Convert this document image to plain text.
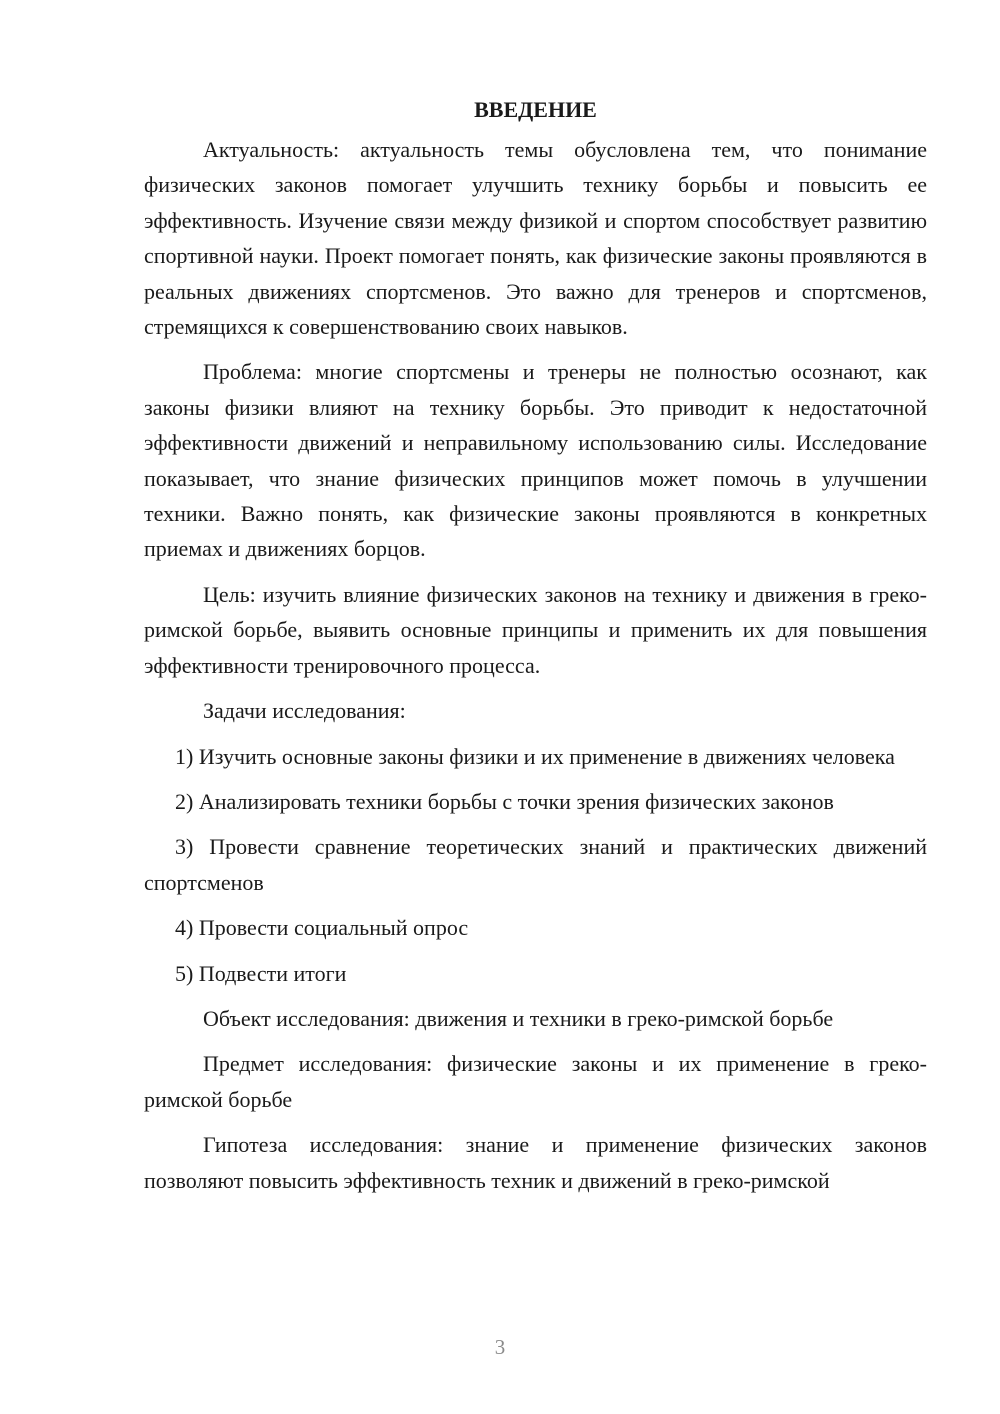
ВВЕДЕНИЕ

Актуальность: актуальность темы обусловлена тем, что понимание физических законов помогает улучшить технику борьбы и повысить ее эффективность. Изучение связи между физикой и спортом способствует развитию спортивной науки. Проект помогает понять, как физические законы проявляются в реальных движениях спортсменов. Это важно для тренеров и спортсменов, стремящихся к совершенствованию своих навыков.

Проблема: многие спортсмены и тренеры не полностью осознают, как законы физики влияют на технику борьбы. Это приводит к недостаточной эффективности движений и неправильному использованию силы. Исследование показывает, что знание физических принципов может помочь в улучшении техники. Важно понять, как физические законы проявляются в конкретных приемах и движениях борцов.

Цель: изучить влияние физических законов на технику и движения в греко-римской борьбе, выявить основные принципы и применить их для повышения эффективности тренировочного процесса.

Задачи исследования:

1) Изучить основные законы физики и их применение в движениях человека

2) Анализировать техники борьбы с точки зрения физических законов

3) Провести сравнение теоретических знаний и практических движений спортсменов

4) Провести социальный опрос

5) Подвести итоги

Объект исследования: движения и техники в греко-римской борьбе

Предмет исследования: физические законы и их применение в греко-римской борьбе

Гипотеза исследования: знание и применение физических законов позволяют повысить эффективность техник и движений в греко-римской

3
